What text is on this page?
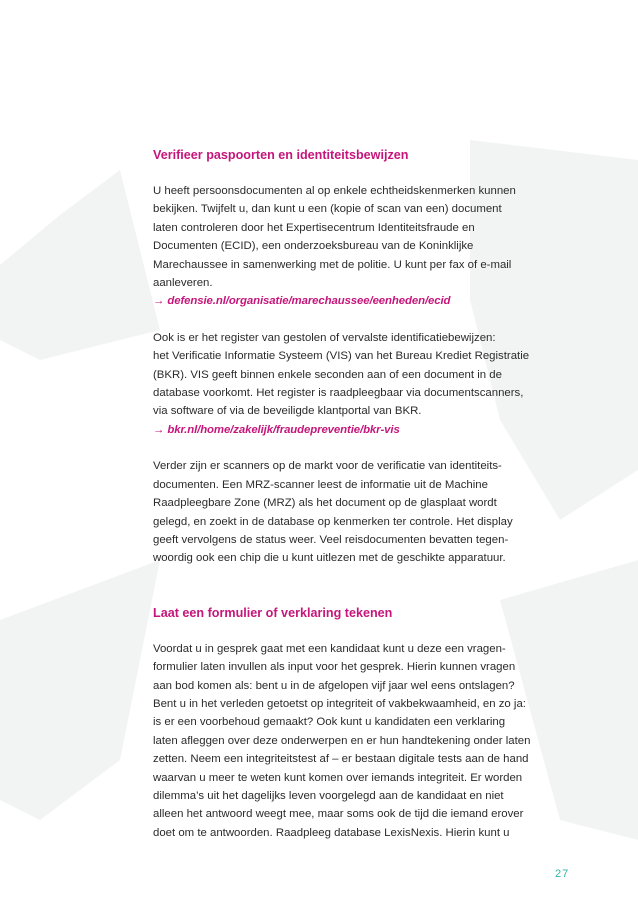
Verifieer paspoorten en identiteitsbewijzen

U heeft persoonsdocumenten al op enkele echtheidskenmerken kunnen
bekijken. Twijfelt u, dan kunt u een (kopie of scan van een) document
laten controleren door het Expertisecentrum Identiteitsfraude en
Documenten (ECID), een onderzoeksbureau van de Koninklijke
Marechaussee in samenwerking met de politie. U kunt per fax of e-mail
aanleveren.

→ defensie.nl/organisatie/marechaussee/eenheden/ecid

Ook is er het register van gestolen of vervalste identificatiebewijzen:
het Verificatie Informatie Systeem (VIS) van het Bureau Krediet Registratie
(BKR). VIS geeft binnen enkele seconden aan of een document in de
database voorkomt. Het register is raadpleegbaar via documentscanners,
via software of via de beveiligde klantportal van BKR.

→ bkr.nl/home/zakelijk/fraudepreventie/bkr-vis

Verder zijn er scanners op de markt voor de verificatie van identiteits-
documenten. Een MRZ-scanner leest de informatie uit de Machine
Raadpleegbare Zone (MRZ) als het document op de glasplaat wordt
gelegd, en zoekt in de database op kenmerken ter controle. Het display
geeft vervolgens de status weer. Veel reisdocumenten bevatten tegen-
woordig ook een chip die u kunt uitlezen met de geschikte apparatuur.

Laat een formulier of verklaring tekenen

Voordat u in gesprek gaat met een kandidaat kunt u deze een vragen-
formulier laten invullen als input voor het gesprek. Hierin kunnen vragen
aan bod komen als: bent u in de afgelopen vijf jaar wel eens ontslagen?
Bent u in het verleden getoetst op integriteit of vakbekwaamheid, en zo ja:
is er een voorbehoud gemaakt? Ook kunt u kandidaten een verklaring
laten afleggen over deze onderwerpen en er hun handtekening onder laten
zetten. Neem een integriteitstest af – er bestaan digitale tests aan de hand
waarvan u meer te weten kunt komen over iemands integriteit. Er worden
dilemma’s uit het dagelijks leven voorgelegd aan de kandidaat en niet
alleen het antwoord weegt mee, maar soms ook de tijd die iemand erover
doet om te antwoorden. Raadpleeg database LexisNexis. Hierin kunt u

27
